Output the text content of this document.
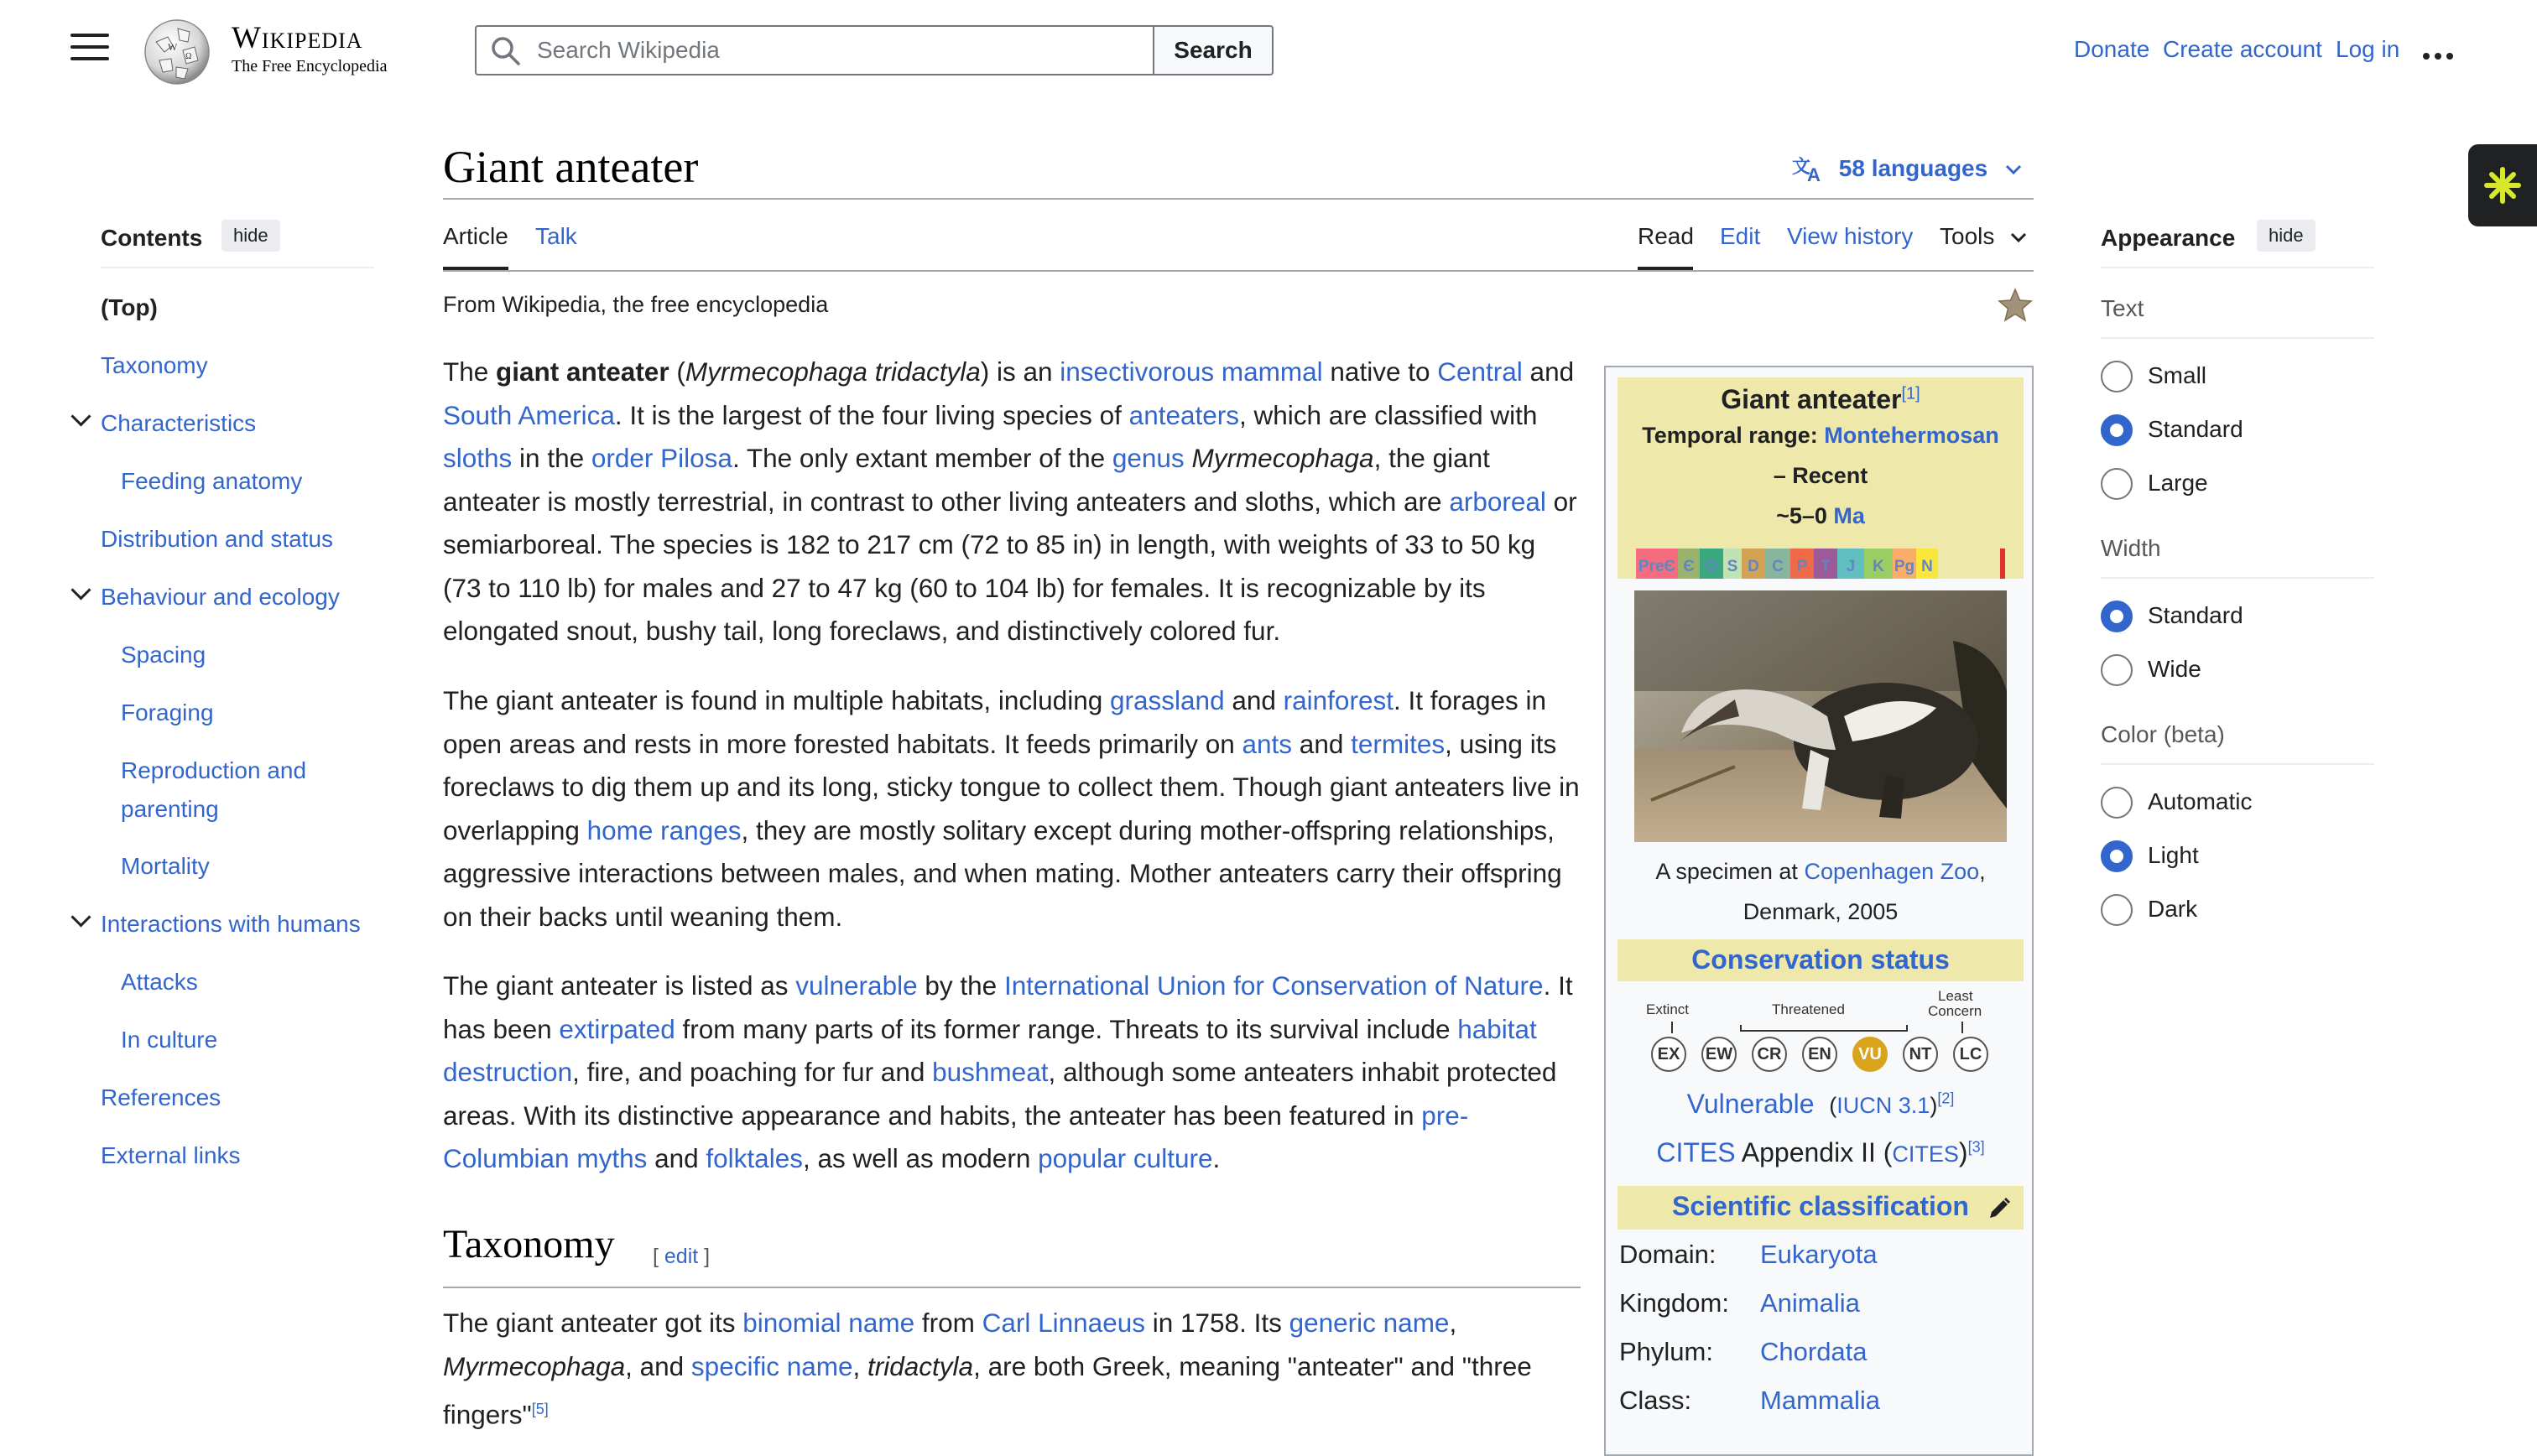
W
Ω
Wikipedia
The Free Encyclopedia
Search Wikipedia
Search	Donate Create account Log in
Contents	hide
(Top)
Taxonomy
Characteristics
Feeding anatomy
Distribution and status
Behaviour and ecology
Spacing
Foraging
Reproduction and
parenting
Mortality
Interactions with humans
Attacks
In culture
References
External links
Giant anteater	文
A 58 languages
Article Talk	Read Edit View history Tools
From Wikipedia, the free encyclopedia
The giant anteater (Myrmecophaga tridactyla) is an insectivorous mammal native to Central and South America. It is the largest of the four living species of anteaters, which are classified with sloths in the order Pilosa. The only extant member of the genus Myrmecophaga, the giant anteater is mostly terrestrial, in contrast to other living anteaters and sloths, which are arboreal or semiarboreal. The species is 182 to 217 cm (72 to 85 in) in length, with weights of 33 to 50 kg (73 to 110 lb) for males and 27 to 47 kg (60 to 104 lb) for females. It is recognizable by its elongated snout, bushy tail, long foreclaws, and distinctively colored fur.
The giant anteater is found in multiple habitats, including grassland and rainforest. It forages in open areas and rests in more forested habitats. It feeds primarily on ants and termites, using its foreclaws to dig them up and its long, sticky tongue to collect them. Though giant anteaters live in overlapping home ranges, they are mostly solitary except during mother-offspring relationships, aggressive interactions between males, and when mating. Mother anteaters carry their offspring on their backs until weaning them.
The giant anteater is listed as vulnerable by the International Union for Conservation of Nature. It has been extirpated from many parts of its former range. Threats to its survival include habitat destruction, fire, and poaching for fur and bushmeat, although some anteaters inhabit protected areas. With its distinctive appearance and habits, the anteater has been featured in pre-Columbian myths and folktales, as well as modern popular culture.
Taxonomy [ edit ]
The giant anteater got its binomial name from Carl Linnaeus in 1758. Its generic name, Myrmecophaga, and specific name, tridactyla, are both Greek, meaning "anteater" and "three fingers"[5]
Giant anteater[1]
Temporal range: Montehermosan
– Recent
~5–0 Ma
PreЄ Є O S D C P T J	K Pg N
A specimen at Copenhagen Zoo,
Denmark, 2005
Conservation status
Extinct	Threatened
Least
Concern
EX	EW	CR	EN	VU	NT	LC
Vulnerable (IUCN 3.1)[2]
CITES Appendix II (CITES)[3]
Scientific classification
Domain: Eukaryota
Kingdom: Animalia
Phylum: Chordata
Class:	Mammalia
Appearance	hide
Text
Small
Standard
Large
Width
Standard
Wide
Color (beta)
Automatic
Light
Dark
